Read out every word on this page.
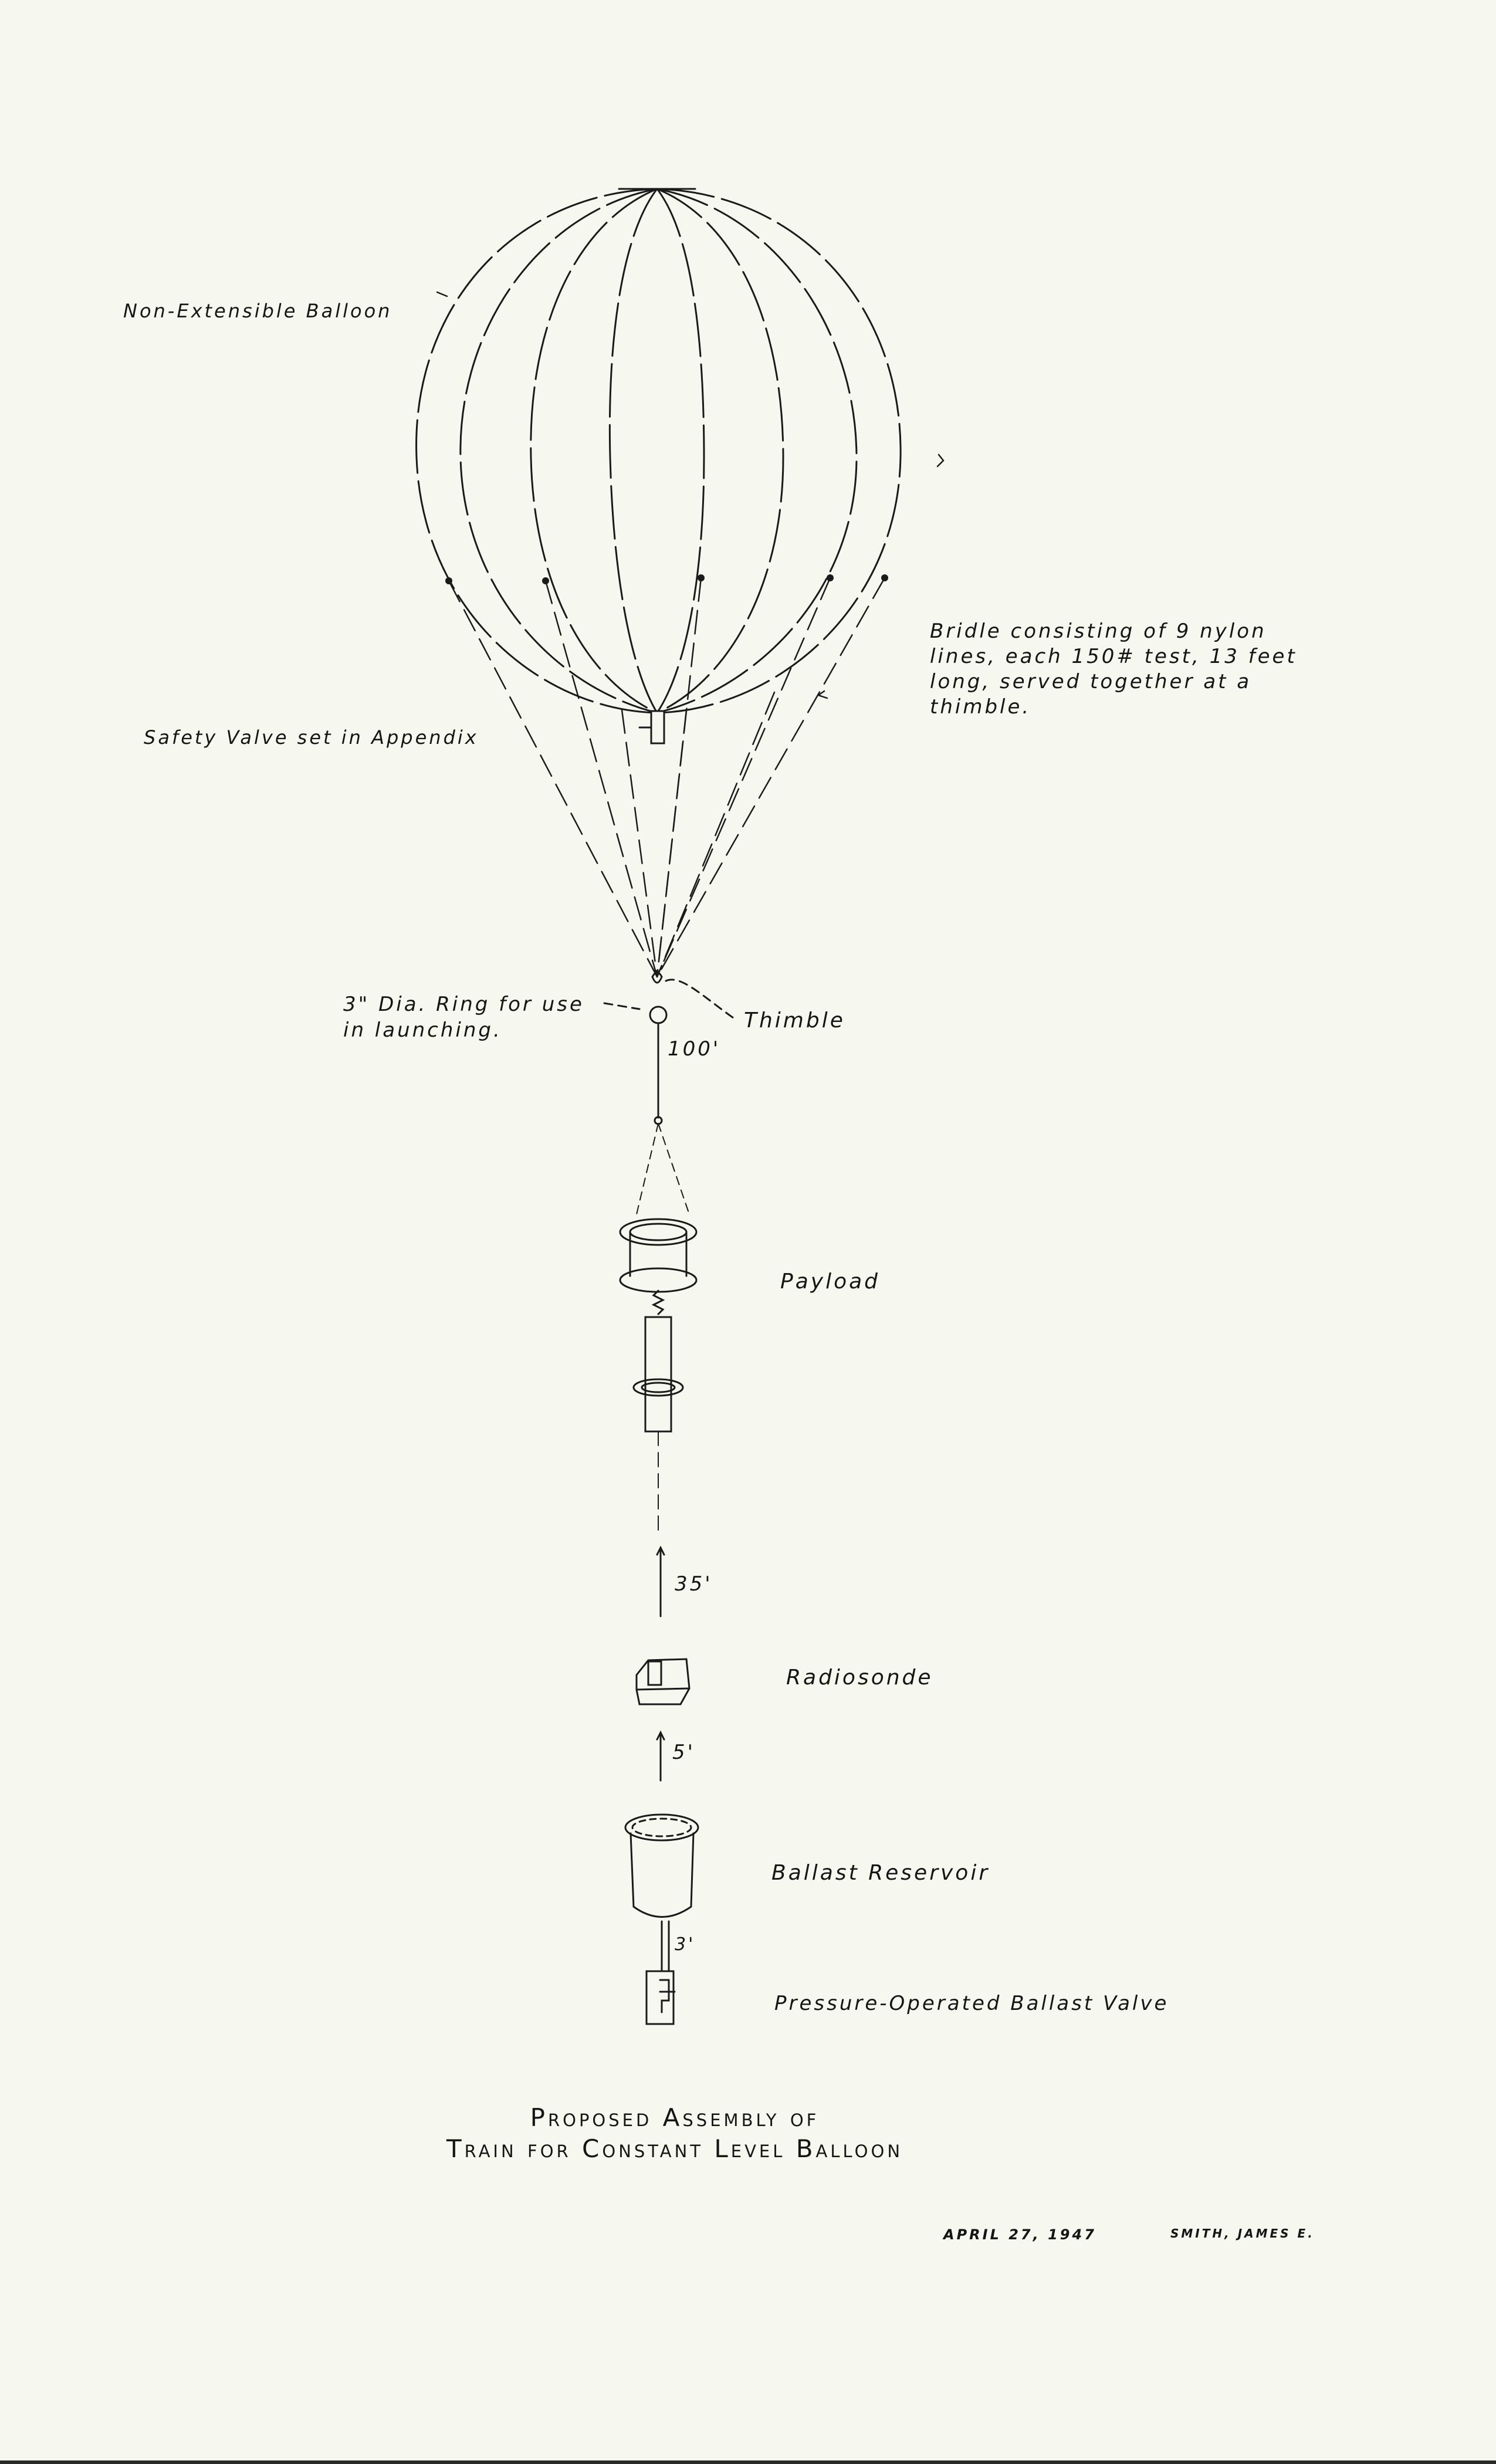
Non-Extensible Balloon
Safety Valve set in Appendix
Bridle consisting of 9 nylon lines, each 150# test, 13 feet long, served together at a thimble.
3" Dia. Ring for use in launching.	Thimble
100'
Payload
35'
Radiosonde
5'
Ballast Reservoir
3'
Pressure-Operated Ballast Valve
Proposed Assembly of
Train for Constant Level Balloon
APRIL 27, 1947	SMITH, JAMES E.
